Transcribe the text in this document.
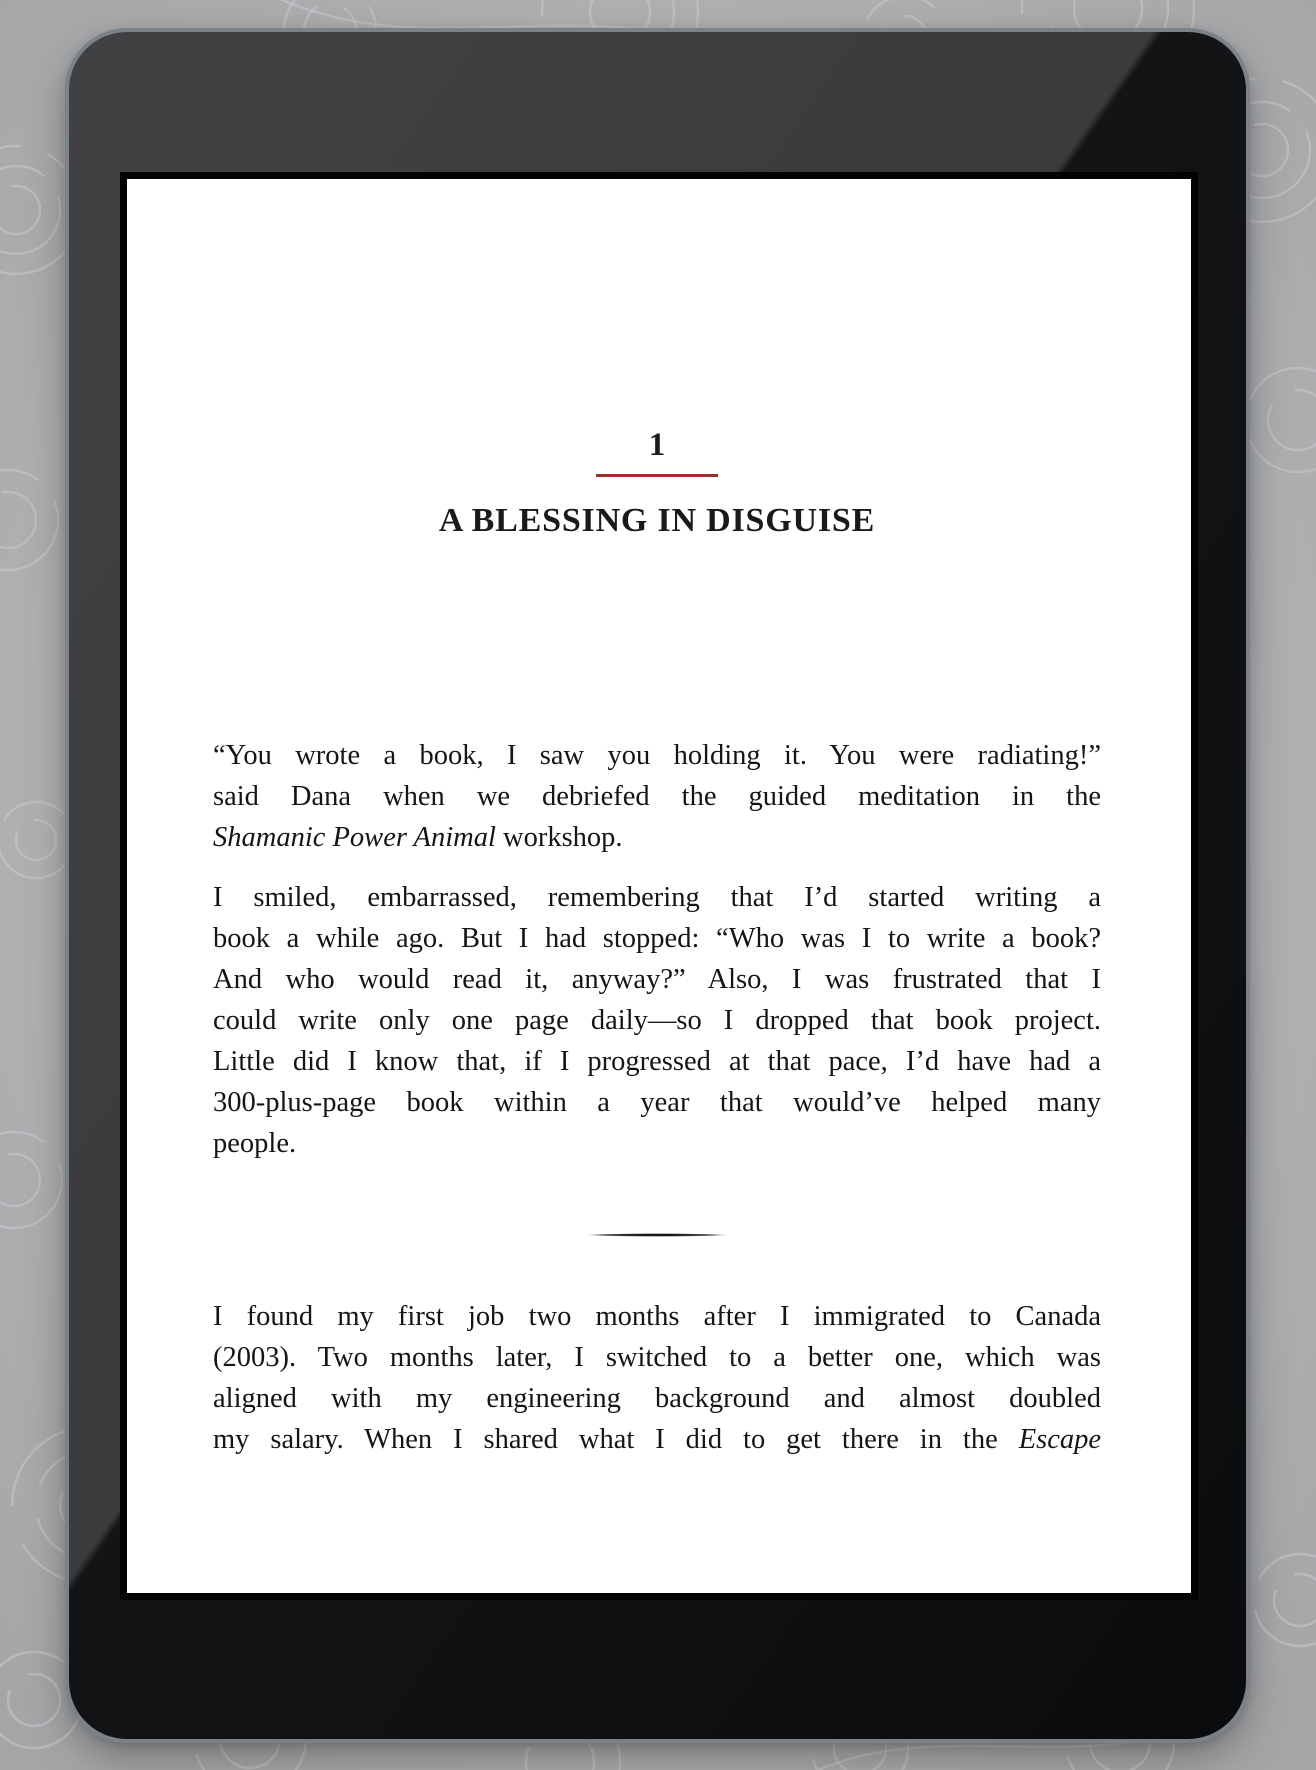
1
A BLESSING IN DISGUISE
“You wrote a book, I saw you holding it. You were radiating!”
said Dana when we debriefed the guided meditation in the
Shamanic Power Animal workshop.
I smiled, embarrassed, remembering that I’d started writing a
book a while ago. But I had stopped: “Who was I to write a book?
And who would read it, anyway?” Also, I was frustrated that I
could write only one page daily—so I dropped that book project.
Little did I know that, if I progressed at that pace, I’d have had a
300-plus-page book within a year that would’ve helped many
people.
I found my first job two months after I immigrated to Canada
(2003). Two months later, I switched to a better one, which was
aligned with my engineering background and almost doubled
my salary. When I shared what I did to get there in the Escape
